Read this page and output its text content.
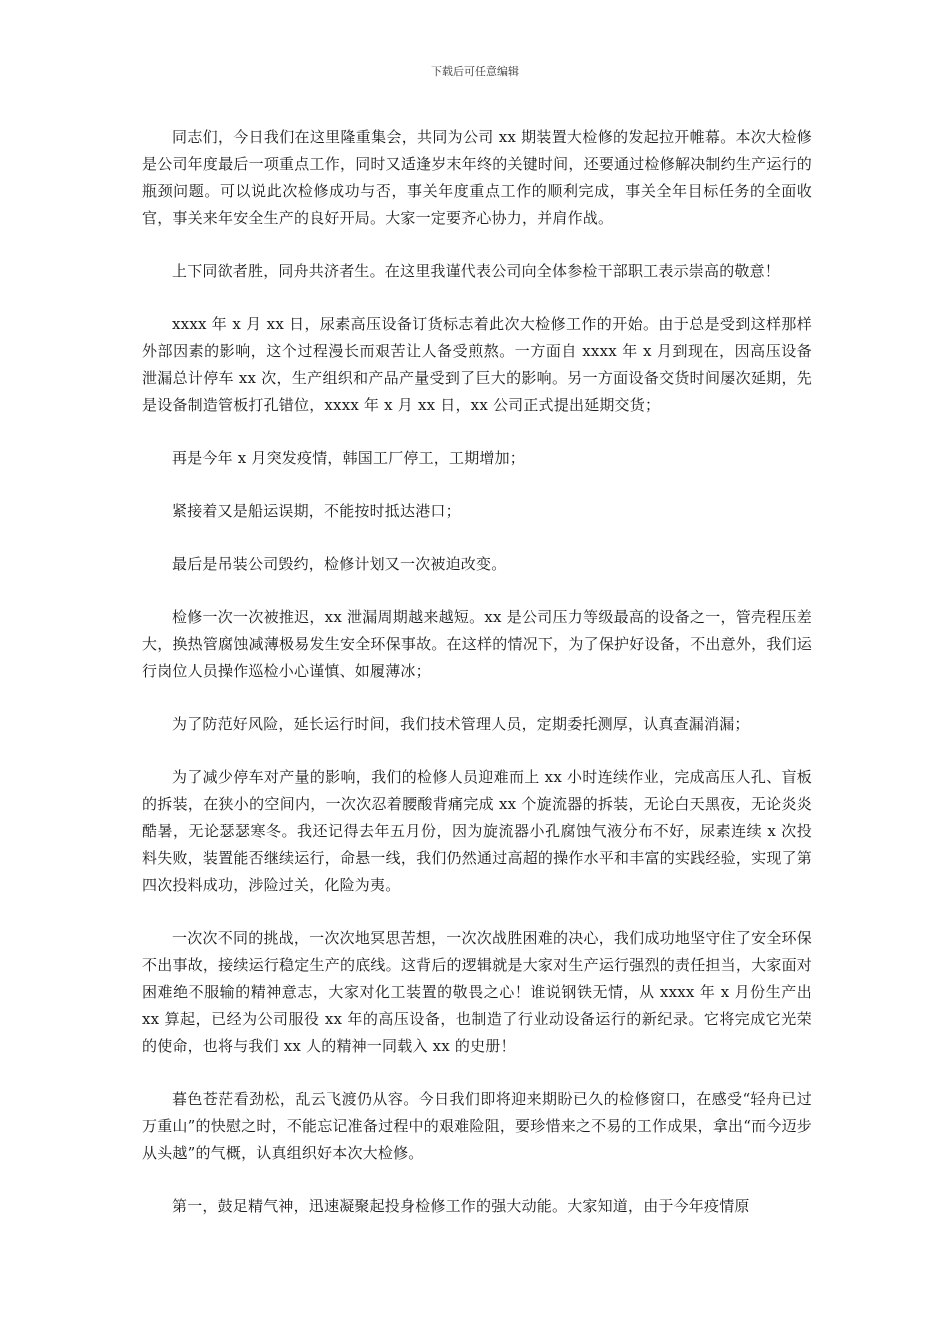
下载后可任意编辑

同志们，今日我们在这里隆重集会，共同为公司 xx 期装置大检修的发起拉开帷幕。本次大检修是公司年度最后一项重点工作，同时又适逢岁末年终的关键时间，还要通过检修解决制约生产运行的瓶颈问题。可以说此次检修成功与否，事关年度重点工作的顺利完成，事关全年目标任务的全面收官，事关来年安全生产的良好开局。大家一定要齐心协力，并肩作战。

上下同欲者胜，同舟共济者生。在这里我谨代表公司向全体参检干部职工表示崇高的敬意！

xxxx 年 x 月 xx 日，尿素高压设备订货标志着此次大检修工作的开始。由于总是受到这样那样外部因素的影响，这个过程漫长而艰苦让人备受煎熬。一方面自 xxxx 年 x 月到现在，因高压设备泄漏总计停车 xx 次，生产组织和产品产量受到了巨大的影响。另一方面设备交货时间屡次延期，先是设备制造管板打孔错位，xxxx 年 x 月 xx 日，xx 公司正式提出延期交货；

再是今年 x 月突发疫情，韩国工厂停工，工期增加；

紧接着又是船运误期，不能按时抵达港口；

最后是吊装公司毁约，检修计划又一次被迫改变。

检修一次一次被推迟，xx 泄漏周期越来越短。xx 是公司压力等级最高的设备之一，管壳程压差大，换热管腐蚀减薄极易发生安全环保事故。在这样的情况下，为了保护好设备，不出意外，我们运行岗位人员操作巡检小心谨慎、如履薄冰；

为了防范好风险，延长运行时间，我们技术管理人员，定期委托测厚，认真查漏消漏；

为了减少停车对产量的影响，我们的检修人员迎难而上 xx 小时连续作业，完成高压人孔、盲板的拆装，在狭小的空间内，一次次忍着腰酸背痛完成 xx 个旋流器的拆装，无论白天黑夜，无论炎炎酷暑，无论瑟瑟寒冬。我还记得去年五月份，因为旋流器小孔腐蚀气液分布不好，尿素连续 x 次投料失败，装置能否继续运行，命悬一线，我们仍然通过高超的操作水平和丰富的实践经验，实现了第四次投料成功，涉险过关，化险为夷。

一次次不同的挑战，一次次地冥思苦想，一次次战胜困难的决心，我们成功地坚守住了安全环保不出事故，接续运行稳定生产的底线。这背后的逻辑就是大家对生产运行强烈的责任担当，大家面对困难绝不服输的精神意志，大家对化工装置的敬畏之心！谁说钢铁无情，从 xxxx 年 x 月份生产出 xx 算起，已经为公司服役 xx 年的高压设备，也制造了行业动设备运行的新纪录。它将完成它光荣的使命，也将与我们 xx 人的精神一同载入 xx 的史册！

暮色苍茫看劲松，乱云飞渡仍从容。今日我们即将迎来期盼已久的检修窗口，在感受“轻舟已过万重山”的快慰之时，不能忘记准备过程中的艰难险阻，要珍惜来之不易的工作成果，拿出“而今迈步从头越”的气概，认真组织好本次大检修。

第一，鼓足精气神，迅速凝聚起投身检修工作的强大动能。大家知道，由于今年疫情原
